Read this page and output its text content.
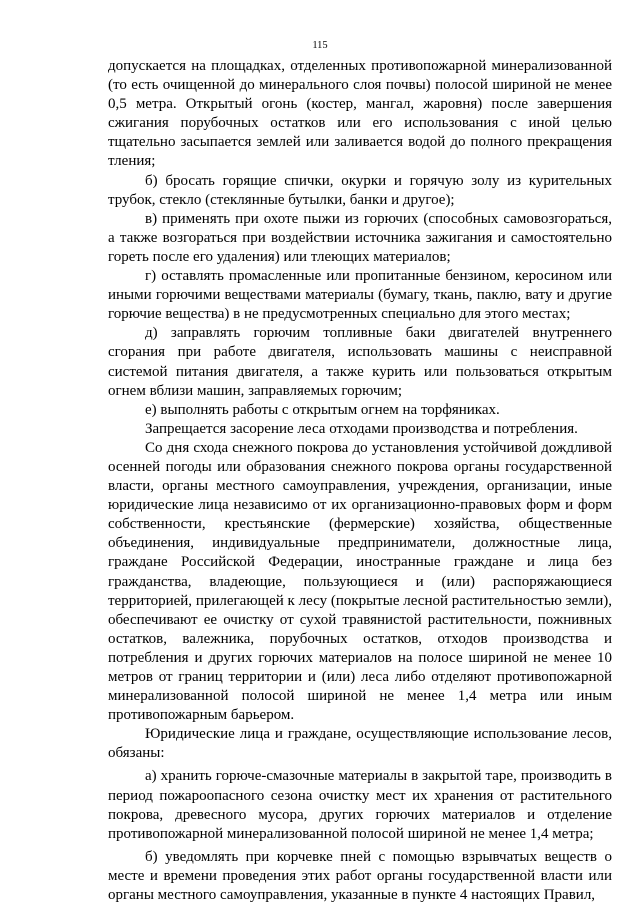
115

допускается на площадках, отделенных противопожарной минерализованной (то есть очищенной до минерального слоя почвы) полосой шириной не менее 0,5 метра. Открытый огонь (костер, мангал, жаровня) после завершения сжигания порубочных остатков или его использования с иной целью тщательно засыпается землей или заливается водой до полного прекращения тления;

б) бросать горящие спички, окурки и горячую золу из курительных трубок, стекло (стеклянные бутылки, банки и другое);

в) применять при охоте пыжи из горючих (способных самовозгораться, а также возгораться при воздействии источника зажигания и самостоятельно гореть после его удаления) или тлеющих материалов;

г) оставлять промасленные или пропитанные бензином, керосином или иными горючими веществами материалы (бумагу, ткань, паклю, вату и другие горючие вещества) в не предусмотренных специально для этого местах;

д) заправлять горючим топливные баки двигателей внутреннего сгорания при работе двигателя, использовать машины с неисправной системой питания двигателя, а также курить или пользоваться открытым огнем вблизи машин, заправляемых горючим;

е) выполнять работы с открытым огнем на торфяниках.

Запрещается засорение леса отходами производства и потребления.

Со дня схода снежного покрова до установления устойчивой дождливой осенней погоды или образования снежного покрова органы государственной власти, органы местного самоуправления, учреждения, организации, иные юридические лица независимо от их организационно-правовых форм и форм собственности, крестьянские (фермерские) хозяйства, общественные объединения, индивидуальные предприниматели, должностные лица, граждане Российской Федерации, иностранные граждане и лица без гражданства, владеющие, пользующиеся и (или) распоряжающиеся территорией, прилегающей к лесу (покрытые лесной растительностью земли), обеспечивают ее очистку от сухой травянистой растительности, пожнивных остатков, валежника, порубочных остатков, отходов производства и потребления и других горючих материалов на полосе шириной не менее 10 метров от границ территории и (или) леса либо отделяют противопожарной минерализованной полосой шириной не менее 1,4 метра или иным противопожарным барьером.

Юридические лица и граждане, осуществляющие использование лесов, обязаны:

а) хранить горюче-смазочные материалы в закрытой таре, производить в период пожароопасного сезона очистку мест их хранения от растительного покрова, древесного мусора, других горючих материалов и отделение противопожарной минерализованной полосой шириной не менее 1,4 метра;

б) уведомлять при корчевке пней с помощью взрывчатых веществ о месте и времени проведения этих работ органы государственной власти или органы местного самоуправления, указанные в пункте 4 настоящих Правил,
